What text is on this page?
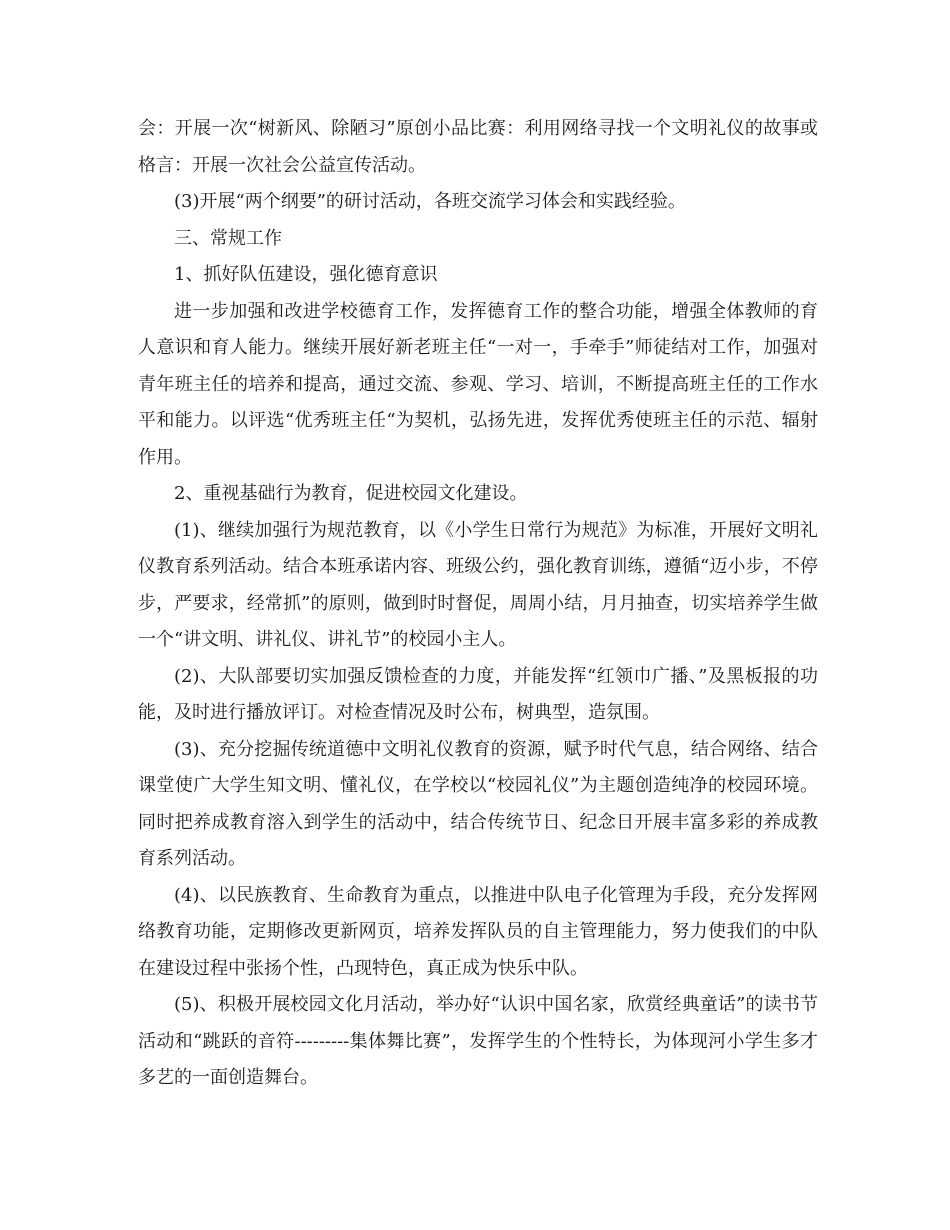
会：开展一次“树新风、除陋习”原创小品比赛：利用网络寻找一个文明礼仪的故事或格言：开展一次社会公益宣传活动。

(3)开展“两个纲要”的研讨活动，各班交流学习体会和实践经验。

三、常规工作

1、抓好队伍建设，强化德育意识

进一步加强和改进学校德育工作，发挥德育工作的整合功能，增强全体教师的育人意识和育人能力。继续开展好新老班主任“一对一，手牵手”师徒结对工作，加强对青年班主任的培养和提高，通过交流、参观、学习、培训，不断提高班主任的工作水平和能力。以评选“优秀班主任“为契机，弘扬先进，发挥优秀使班主任的示范、辐射作用。

2、重视基础行为教育，促进校园文化建设。

(1)、继续加强行为规范教育，以《小学生日常行为规范》为标准，开展好文明礼仪教育系列活动。结合本班承诺内容、班级公约，强化教育训练，遵循“迈小步，不停步，严要求，经常抓”的原则，做到时时督促，周周小结，月月抽查，切实培养学生做一个“讲文明、讲礼仪、讲礼节”的校园小主人。

(2)、大队部要切实加强反馈检查的力度，并能发挥“红领巾广播、”及黑板报的功能，及时进行播放评订。对检查情况及时公布，树典型，造氛围。

(3)、充分挖掘传统道德中文明礼仪教育的资源，赋予时代气息，结合网络、结合课堂使广大学生知文明、懂礼仪，在学校以“校园礼仪”为主题创造纯净的校园环境。同时把养成教育溶入到学生的活动中，结合传统节日、纪念日开展丰富多彩的养成教育系列活动。

(4)、以民族教育、生命教育为重点，以推进中队电子化管理为手段，充分发挥网络教育功能，定期修改更新网页，培养发挥队员的自主管理能力，努力使我们的中队在建设过程中张扬个性，凸现特色，真正成为快乐中队。

(5)、积极开展校园文化月活动，举办好“认识中国名家，欣赏经典童话”的读书节活动和“跳跃的音符---------集体舞比赛”，发挥学生的个性特长，为体现河小学生多才多艺的一面创造舞台。
